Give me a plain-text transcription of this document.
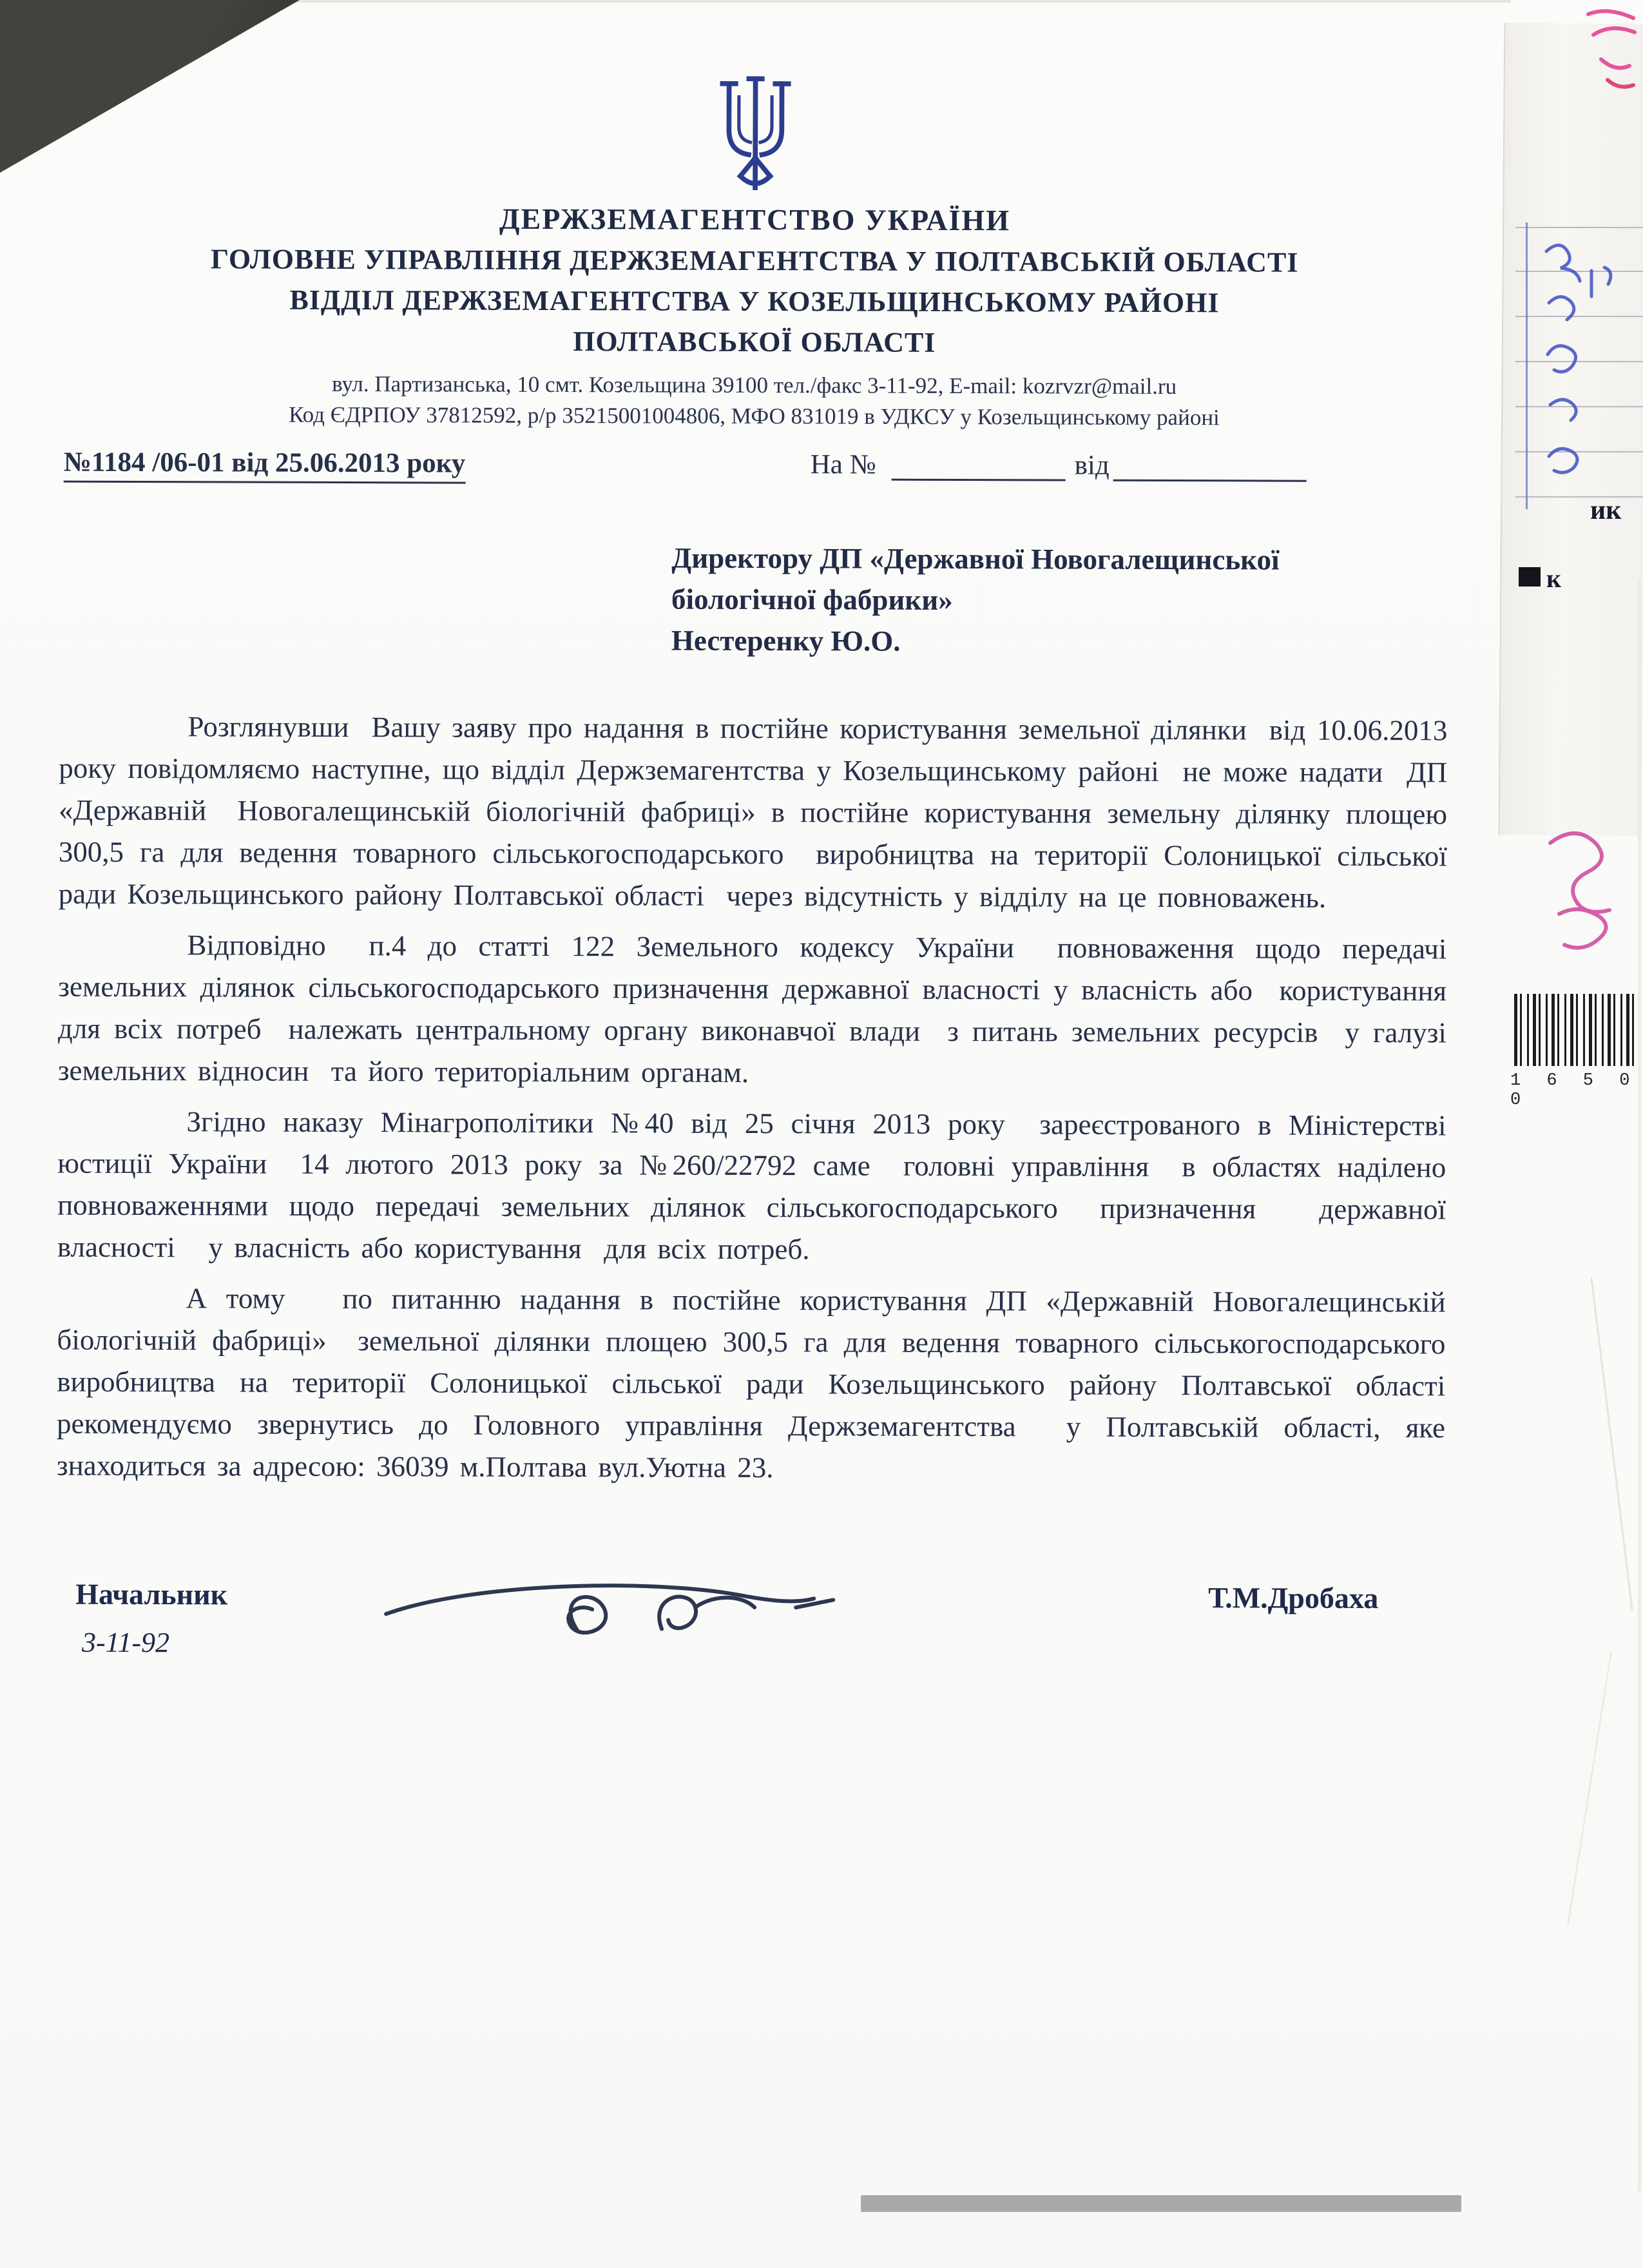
ик
к
1 6 5 0 0
ДЕРЖЗЕМАГЕНТСТВО УКРАЇНИ
ГОЛОВНЕ УПРАВЛІННЯ ДЕРЖЗЕМАГЕНТСТВА У ПОЛТАВСЬКІЙ ОБЛАСТІ
ВІДДІЛ ДЕРЖЗЕМАГЕНТСТВА У КОЗЕЛЬЩИНСЬКОМУ РАЙОНІ
ПОЛТАВСЬКОЇ ОБЛАСТІ
вул. Партизанська, 10 смт. Козельщина 39100 тел./факс 3-11-92, E-mail: kozrvzr@mail.ru
Код ЄДРПОУ 37812592, р/р 35215001004806, МФО 831019 в УДКСУ у Козельщинському районі
№1184 /06-01 від 25.06.2013 року	На №	від
Директору ДП «Державної Новогалещинської
біологічної фабрики»
Нестеренку Ю.О.

Розглянувши  Вашу заяву про надання в постійне користування земельної ділянки  від 10.06.2013 року повідомляємо наступне, що відділ Держземагентства у Козельщинському районі  не може надати  ДП «Державній  Новогалещинській біологічній фабриці» в постійне користування земельну ділянку площею 300,5 га для ведення товарного сільськогосподарського  виробництва на території Солоницької сільської ради Козельщинського району Полтавської області  через відсутність у відділу на це повноважень.

Відповідно  п.4 до статті 122 Земельного кодексу України  повноваження щодо передачі земельних ділянок сільськогосподарського призначення державної власності у власність або  користування для всіх потреб  належать центральному органу виконавчої влади  з питань земельних ресурсів  у галузі земельних відносин  та його територіальним органам.

Згідно наказу Мінагрополітики №40 від 25 січня 2013 року  зареєстрованого в Міністерстві юстиції України  14 лютого 2013 року за №260/22792 саме  головні управління  в областях наділено повноваженнями щодо передачі земельних ділянок сільськогосподарського  призначення   державної власності   у власність або користування  для всіх потреб.

А тому   по питанню надання в постійне користування ДП «Державній Новогалещинській   біологічній фабриці»  земельної ділянки площею 300,5 га для ведення товарного сільськогосподарського  виробництва на території Солоницької сільської ради Козельщинського району Полтавської області  рекомендуємо звернутись до Головного управління Держземагентства  у Полтавській області, яке знаходиться за адресою: 36039 м.Полтава вул.Уютна 23.

Начальник
3-11-92
Т.М.Дробаха
